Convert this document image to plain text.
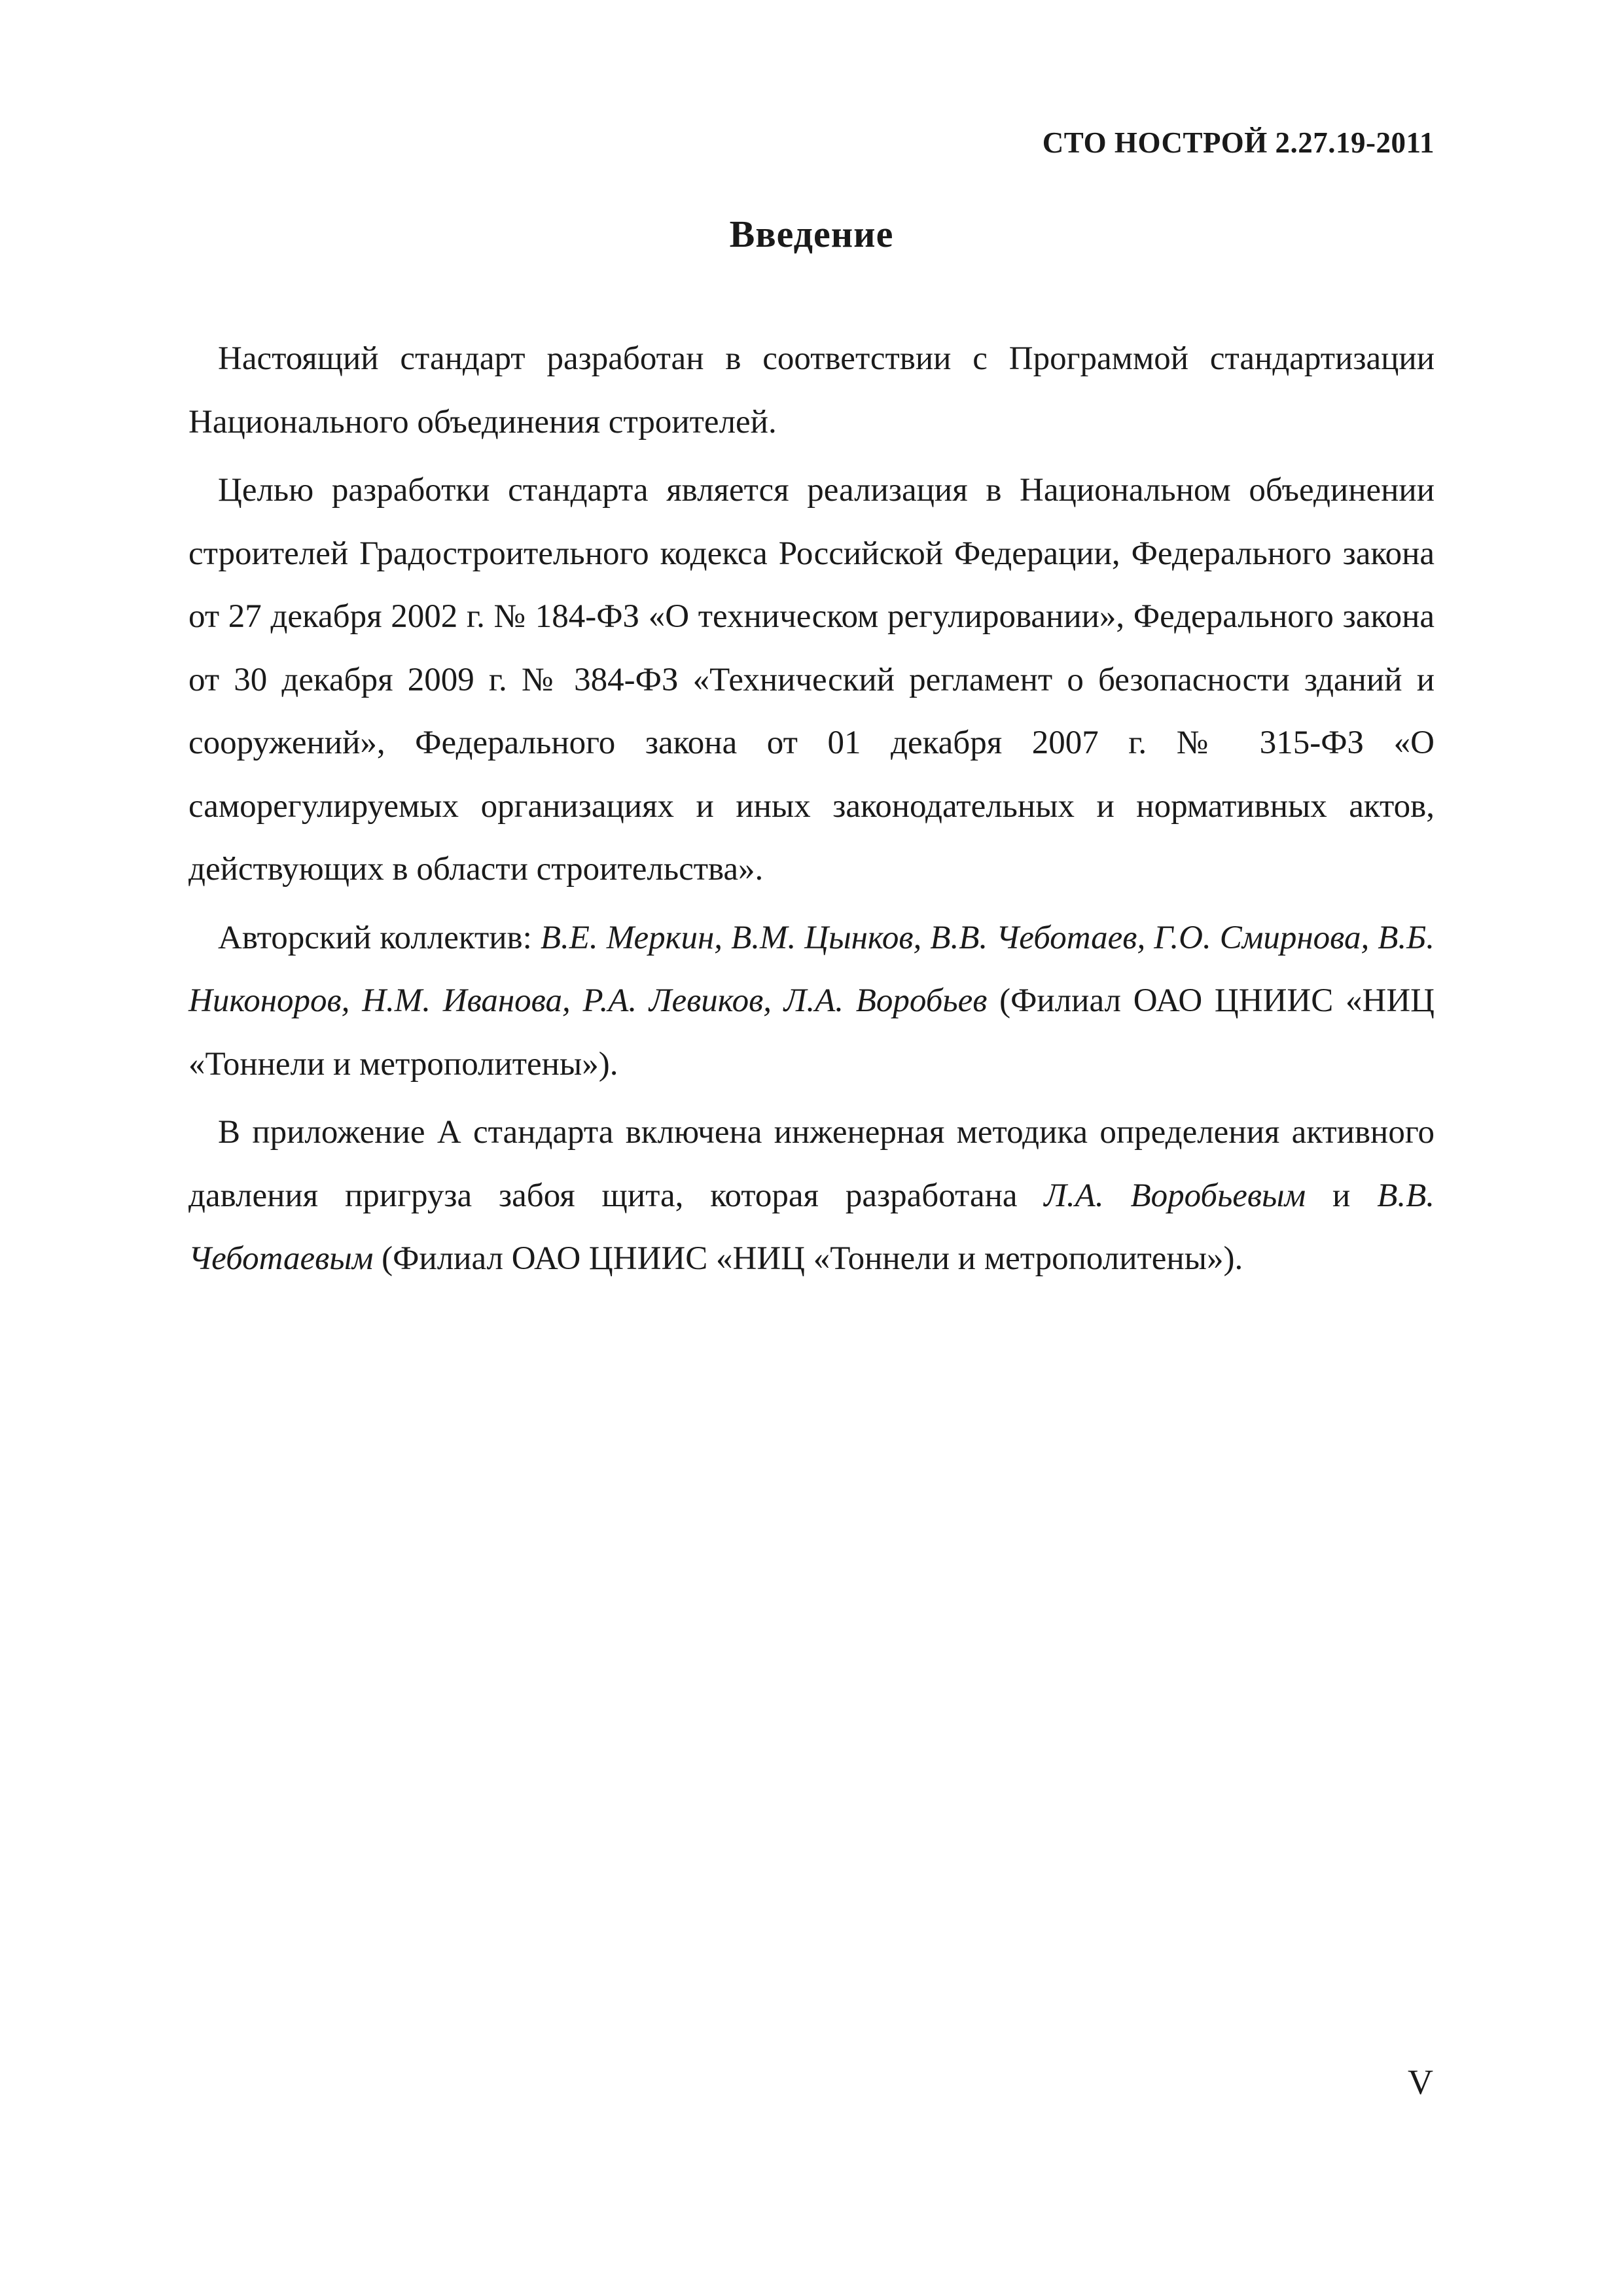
СТО НОСТРОЙ 2.27.19-2011
Введение

Настоящий стандарт разработан в соответствии с Программой стандартизации Национального объединения строителей.

Целью разработки стандарта является реализация в Национальном объединении строителей Градостроительного кодекса Российской Федерации, Федерального закона от 27 декабря 2002 г. № 184-ФЗ «О техническом регулировании», Федерального закона от 30 декабря 2009 г. № 384-ФЗ «Технический регламент о безопасности зданий и сооружений», Федерального закона от 01 декабря 2007 г. № 315-ФЗ «О саморегулируемых организациях и иных законодательных и нормативных актов, действующих в области строительства».

Авторский коллектив: В.Е. Меркин, В.М. Цынков, В.В. Чеботаев, Г.О. Смирнова, В.Б. Никоноров, Н.М. Иванова, Р.А. Левиков, Л.А. Воробьев (Филиал ОАО ЦНИИС «НИЦ «Тоннели и метрополитены»).

В приложение А стандарта включена инженерная методика определения активного давления пригруза забоя щита, которая разработана Л.А. Воробьевым и В.В. Чеботаевым (Филиал ОАО ЦНИИС «НИЦ «Тоннели и метрополитены»).

V
